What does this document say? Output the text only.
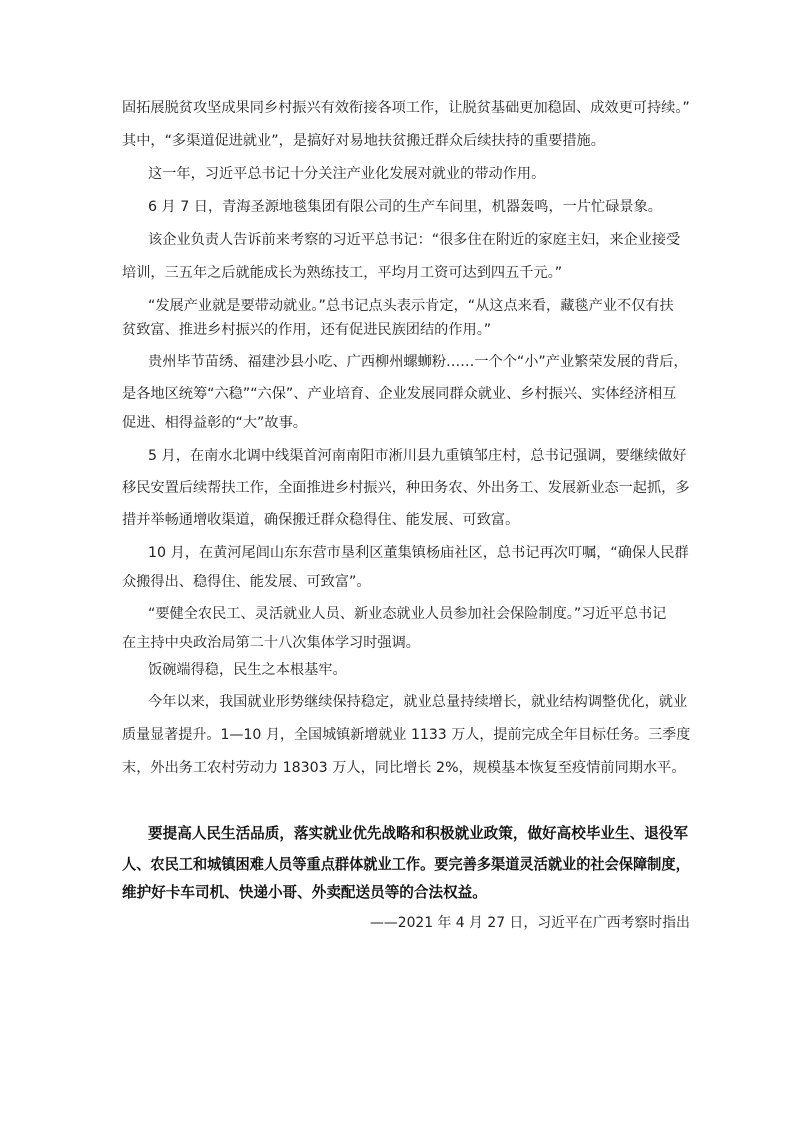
固拓展脱贫攻坚成果同乡村振兴有效衔接各项工作，让脱贫基础更加稳固、成效更可持续。”
其中，“多渠道促进就业”，是搞好对易地扶贫搬迁群众后续扶持的重要措施。
这一年，习近平总书记十分关注产业化发展对就业的带动作用。
6 月 7 日，青海圣源地毯集团有限公司的生产车间里，机器轰鸣，一片忙碌景象。
该企业负责人告诉前来考察的习近平总书记：“很多住在附近的家庭主妇，来企业接受
培训，三五年之后就能成长为熟练技工，平均月工资可达到四五千元。”
“发展产业就是要带动就业。”总书记点头表示肯定，“从这点来看，藏毯产业不仅有扶
贫致富、推进乡村振兴的作用，还有促进民族团结的作用。”
贵州毕节苗绣、福建沙县小吃、广西柳州螺蛳粉……一个个“小”产业繁荣发展的背后，
是各地区统筹“六稳”“六保”、产业培育、企业发展同群众就业、乡村振兴、实体经济相互
促进、相得益彰的“大”故事。
5 月，在南水北调中线渠首河南南阳市淅川县九重镇邹庄村，总书记强调，要继续做好
移民安置后续帮扶工作，全面推进乡村振兴，种田务农、外出务工、发展新业态一起抓，多
措并举畅通增收渠道，确保搬迁群众稳得住、能发展、可致富。
10 月，在黄河尾闾山东东营市垦利区董集镇杨庙社区，总书记再次叮嘱，“确保人民群
众搬得出、稳得住、能发展、可致富”。
“要健全农民工、灵活就业人员、新业态就业人员参加社会保险制度。”习近平总书记
在主持中央政治局第二十八次集体学习时强调。
饭碗端得稳，民生之本根基牢。
今年以来，我国就业形势继续保持稳定，就业总量持续增长，就业结构调整优化，就业
质量显著提升。1—10 月，全国城镇新增就业 1133 万人，提前完成全年目标任务。三季度
末，外出务工农村劳动力 18303 万人，同比增长 2%，规模基本恢复至疫情前同期水平。
要提高人民生活品质，落实就业优先战略和积极就业政策，做好高校毕业生、退役军
人、农民工和城镇困难人员等重点群体就业工作。要完善多渠道灵活就业的社会保障制度，
维护好卡车司机、快递小哥、外卖配送员等的合法权益。
——2021 年 4 月 27 日，习近平在广西考察时指出
